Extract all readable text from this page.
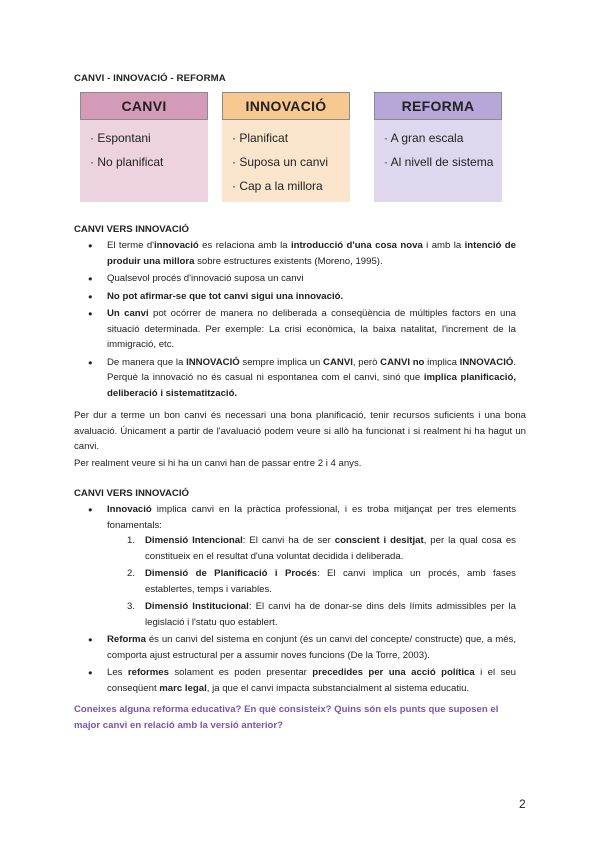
CANVI - INNOVACIÓ - REFORMA
CANVI
· Espontani
· No planificat
INNOVACIÓ
· Planificat
· Suposa un canvi
· Cap a la millora
REFORMA
· A gran escala
· Al nivell de sistema
CANVI VERS INNOVACIÓ
● El terme d'innovació es relaciona amb la introducció d'una cosa nova i amb la intenció de produir una millora sobre estructures existents (Moreno, 1995).
● Qualsevol procés d'innovació suposa un canvi
● No pot afirmar-se que tot canvi sigui una innovació.
● Un canvi pot ocórrer de manera no deliberada a conseqüència de múltiples factors en una situació determinada. Per exemple: La crisi econòmica, la baixa natalitat, l'increment de la immigració, etc.
● De manera que la INNOVACIÓ sempre implica un CANVI, però CANVI no implica INNOVACIÓ. Perquè la innovació no és casual ni espontanea com el canvi, sinó que implica planificació, deliberació i sistematització.
Per dur a terme un bon canvi és necessari una bona planificació, tenir recursos suficients i una bona avaluació. Únicament a partir de l'avaluació podem veure si allò ha funcionat i si realment hi ha hagut un canvi.
Per realment veure si hi ha un canvi han de passar entre 2 i 4 anys.
CANVI VERS INNOVACIÓ
● Innovació implica canvi en la pràctica professional, i es troba mitjançat per tres elements fonamentals:
1. Dimensió Intencional: El canvi ha de ser conscient i desitjat, per la qual cosa es constitueix en el resultat d'una voluntat decidida i deliberada.
2. Dimensió de Planificació i Procés: El canvi implica un procés, amb fases establertes, temps i variables.
3. Dimensió Institucional: El canvi ha de donar-se dins dels límits admissibles per la legislació i l'statu quo establert.
● Reforma és un canvi del sistema en conjunt (és un canvi del concepte/ constructe) que, a més, comporta ajust estructural per a assumir noves funcions (De la Torre, 2003).
● Les reformes solament es poden presentar precedides per una acció política i el seu conseqüent marc legal, ja que el canvi impacta substancialment al sistema educatiu.
Coneixes alguna reforma educativa? En què consisteix? Quins són els punts que suposen el major canvi en relació amb la versió anterior?
2
